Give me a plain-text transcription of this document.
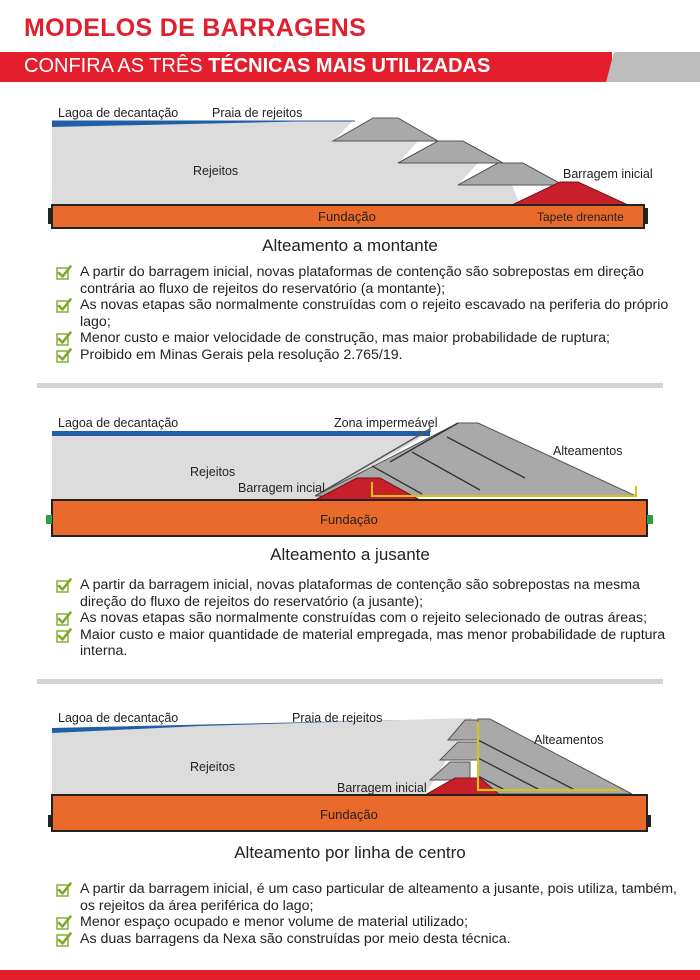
MODELOS DE BARRAGENS
CONFIRA AS TRÊS TÉCNICAS MAIS UTILIZADAS
Lagoa de decantação	Praia de rejeitos
Rejeitos	Barragem inicial
Fundação	Tapete drenante
Alteamento a montante
A partir do barragem inicial, novas plataformas de contenção são sobrepostas em direção contrária ao fluxo de rejeitos do reservatório (a montante);
As novas etapas são normalmente construídas com o rejeito escavado na periferia do próprio lago;
Menor custo e maior velocidade de construção, mas maior probabilidade de ruptura;
Proibido em Minas Gerais pela resolução 2.765/19.
Lagoa de decantação	Zona impermeável
Alteamentos
Rejeitos
Barragem incial
Fundação
Alteamento a jusante
A partir da barragem inicial, novas plataformas de contenção são sobrepostas na mesma direção do fluxo de rejeitos do reservatório (a jusante);
As novas etapas são normalmente construídas com o rejeito selecionado de outras áreas;
Maior custo e maior quantidade de material empregada, mas menor probabilidade de ruptura interna.
Lagoa de decantação	Praia de rejeitos
Alteamentos
Rejeitos
Barragem inicial
Fundação
Alteamento por linha de centro
A partir da barragem inicial, é um caso particular de alteamento a jusante, pois utiliza, também, os rejeitos da área periférica do lago;
Menor espaço ocupado e menor volume de material utilizado;
As duas barragens da Nexa são construídas por meio desta técnica.
